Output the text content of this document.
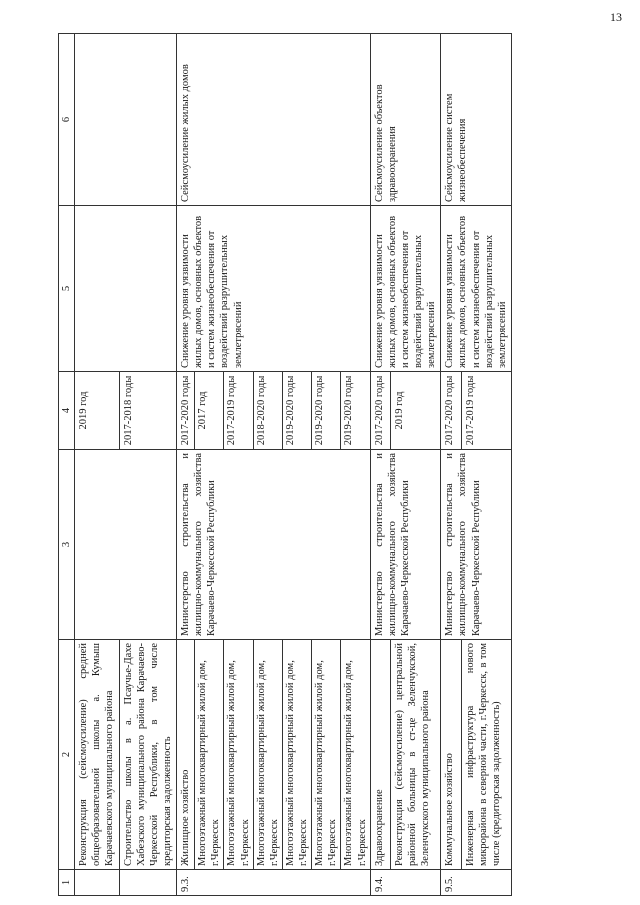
13
1	2	3	4	5	6
	Реконструкция (сейсмоусиление) средней общеобразовательной школы а. Кумыш Карачаевского муниципального района		2019 год		
	Строительство школы в а. Псаучье-Дахе Хабезского муниципального района Карачаево-Черкесской Республики, в том числе кредиторская задолженность		2017-2018 годы		
9.3.	Жилищное хозяйство	Министерство строительства и жилищно-коммунального хозяйства Карачаево-Черкесской Республики	2017-2020 годы	Снижение уровня уязвимости жилых домов, основных объектов и систем жизнеобеспечения от воздействий разрушительных землетрясений	Сейсмоусиление жилых домов
	Многоэтажный многоквартирный жилой дом, г.Черкесск		2017 год		
	Многоэтажный многоквартирный жилой дом, г.Черкесск		2017-2019 годы		
	Многоэтажный многоквартирный жилой дом, г.Черкесск		2018-2020 годы		
	Многоэтажный многоквартирный жилой дом, г.Черкесск		2019-2020 годы		
	Многоэтажный многоквартирный жилой дом, г.Черкесск		2019-2020 годы		
	Многоэтажный многоквартирный жилой дом, г.Черкесск		2019-2020 годы		
9.4.	Здравоохранение	Министерство строительства и жилищно-коммунального хозяйства Карачаево-Черкесской Республики	2017-2020 годы	Снижение уровня уязвимости жилых домов, основных объектов и систем жизнеобеспечения от воздействий разрушительных землетрясений	Сейсмоусиление объектов здравоохранения
	Реконструкция (сейсмоусиление) центральной районной больницы в ст-це Зеленчукской, Зеленчукского муниципального района		2019 год		
9.5.	Коммунальное хозяйство	Министерство строительства и жилищно-коммунального хозяйства Карачаево-Черкесской Республики	2017-2020 годы	Снижение уровня уязвимости жилых домов, основных объектов и систем жизнеобеспечения от воздействий разрушительных землетрясений	Сейсмоусиление систем жизнеобеспечения
	Инженерная инфраструктура нового микрорайона в северной части, г.Черкесск, в том числе (кредиторская задолженность)		2017-2019 годы		
